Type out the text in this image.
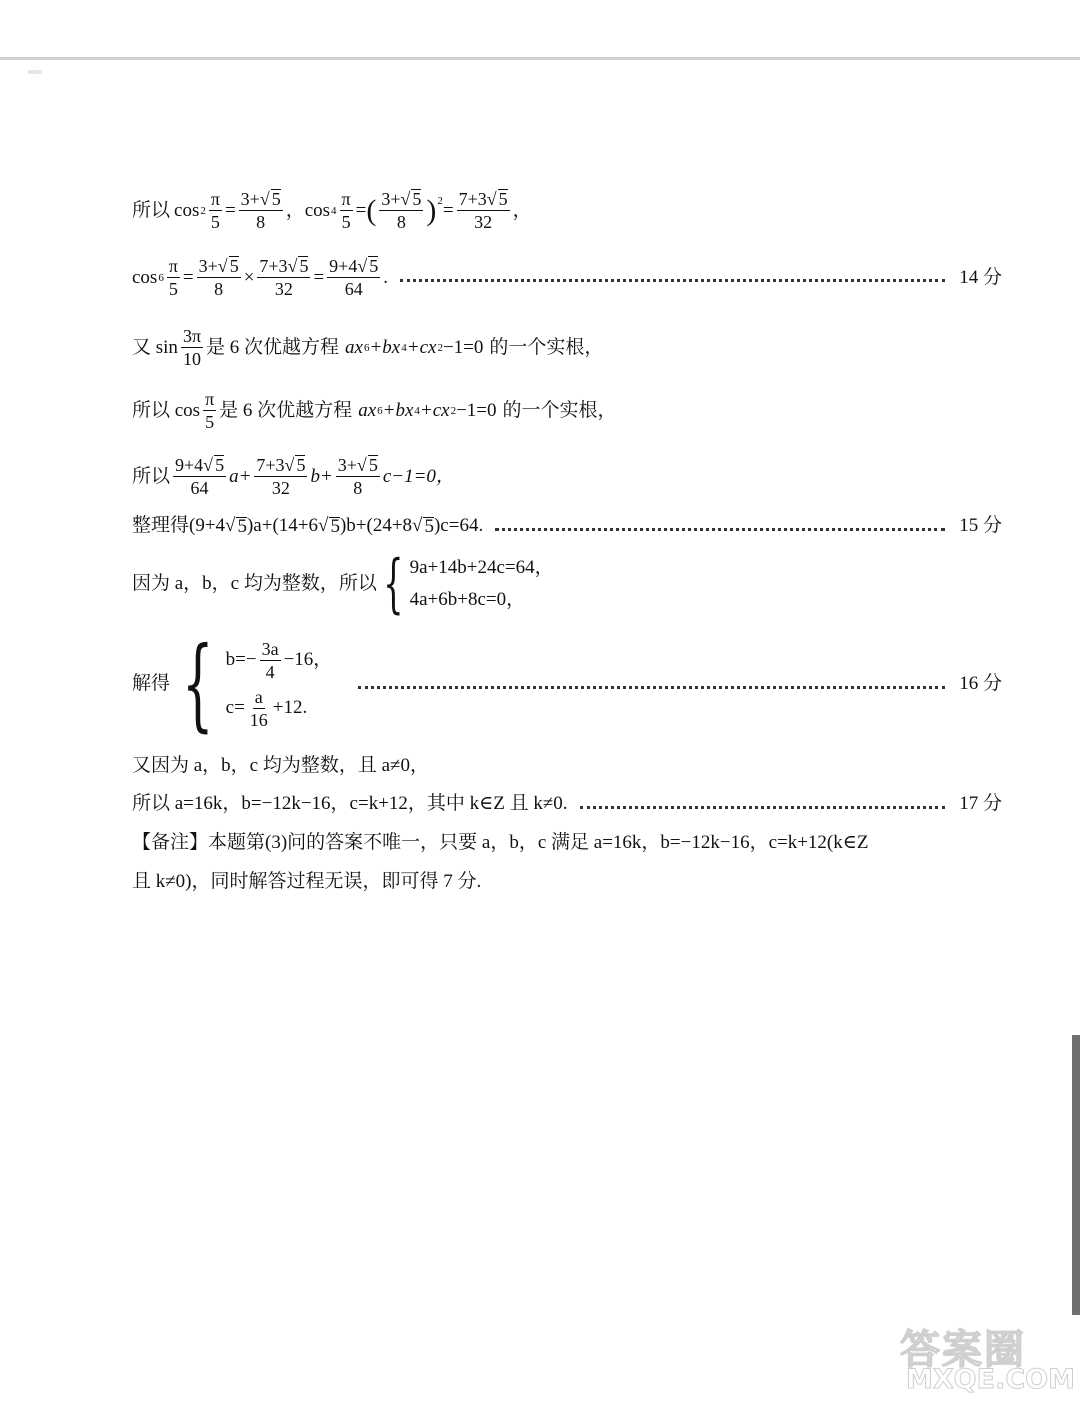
所以 $\cos 2 \frac{\pi}{5} = \frac{3+√ 5}{8}$ ， $\cos 4 \frac{\pi}{5}$ = ( $\frac{3+√ 5}{8}$ ) $2 = \frac{7+3√ 5}{32}$ ，
$\cos 6 \frac{\pi}{5} = \frac{3+√ 5}{8} \times \frac{7+3√ 5}{32} = \frac{9+4√ 5}{64}$ .	14 分
又 $\sin \frac{3\pi}{10}$ 是 6 次优越方程 ax 6 +bx 4 +cx 2 −1=0 的一个实根，
所以 $\cos \frac{\pi}{5}$ 是 6 次优越方程 ax 6 +bx 4 +cx 2 −1=0 的一个实根，
所以 $\frac{9+4√ 5}{64} a+ \frac{7+3√ 5}{32} b+ \frac{3+√ 5}{8} c-1=0$，
整理得(9+4 √ 5 )a+(14+6 √ 5 )b+(24+8 √ 5 )c=64.	15 分
因为 a，b，c 均为整数，所以 { 9a+14b+24c=64，
4a+6b+8c=0，
解得 { $b=- \frac{3a}{4} -16$，
$c= \frac{a}{16} +12$.
16 分
又因为 a，b，c 均为整数，且 a≠0，
所以 a=16k，b=−12k−16，c=k+12，其中 k∈Z 且 k≠0.	17 分
【备注】本题第(3)问的答案不唯一，只要 a，b，c 满足 a=16k，b=−12k−16，c=k+12(k∈Z
且 k≠0)，同时解答过程无误，即可得 7 分.
答案圈
MXQE.COM
